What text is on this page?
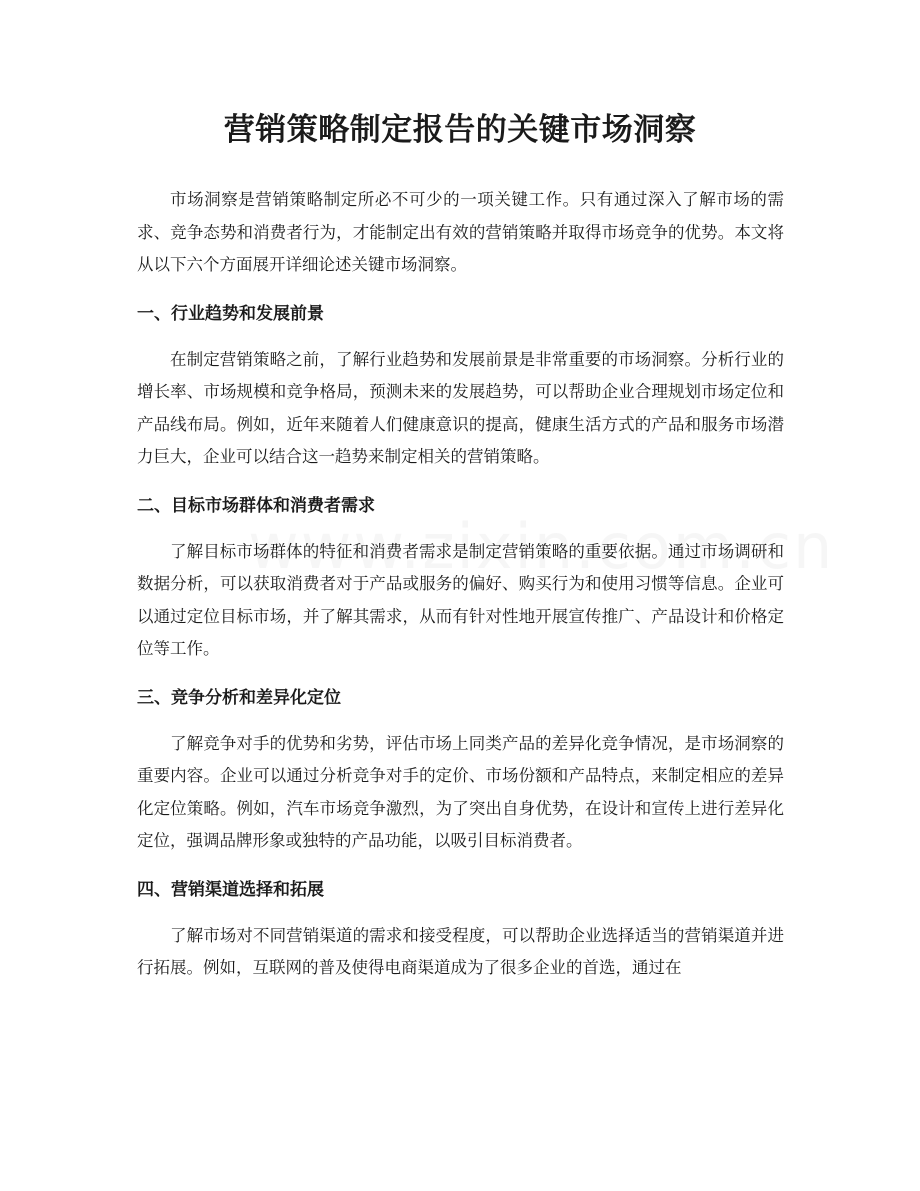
营销策略制定报告的关键市场洞察

市场洞察是营销策略制定所必不可少的一项关键工作。只有通过深入了解市场的需求、竞争态势和消费者行为，才能制定出有效的营销策略并取得市场竞争的优势。本文将从以下六个方面展开详细论述关键市场洞察。

一、行业趋势和发展前景

在制定营销策略之前，了解行业趋势和发展前景是非常重要的市场洞察。分析行业的增长率、市场规模和竞争格局，预测未来的发展趋势，可以帮助企业合理规划市场定位和产品线布局。例如，近年来随着人们健康意识的提高，健康生活方式的产品和服务市场潜力巨大，企业可以结合这一趋势来制定相关的营销策略。

二、目标市场群体和消费者需求

了解目标市场群体的特征和消费者需求是制定营销策略的重要依据。通过市场调研和数据分析，可以获取消费者对于产品或服务的偏好、购买行为和使用习惯等信息。企业可以通过定位目标市场，并了解其需求，从而有针对性地开展宣传推广、产品设计和价格定位等工作。

三、竞争分析和差异化定位

了解竞争对手的优势和劣势，评估市场上同类产品的差异化竞争情况，是市场洞察的重要内容。企业可以通过分析竞争对手的定价、市场份额和产品特点，来制定相应的差异化定位策略。例如，汽车市场竞争激烈，为了突出自身优势，在设计和宣传上进行差异化定位，强调品牌形象或独特的产品功能，以吸引目标消费者。

四、营销渠道选择和拓展

了解市场对不同营销渠道的需求和接受程度，可以帮助企业选择适当的营销渠道并进行拓展。例如，互联网的普及使得电商渠道成为了很多企业的首选，通过在
